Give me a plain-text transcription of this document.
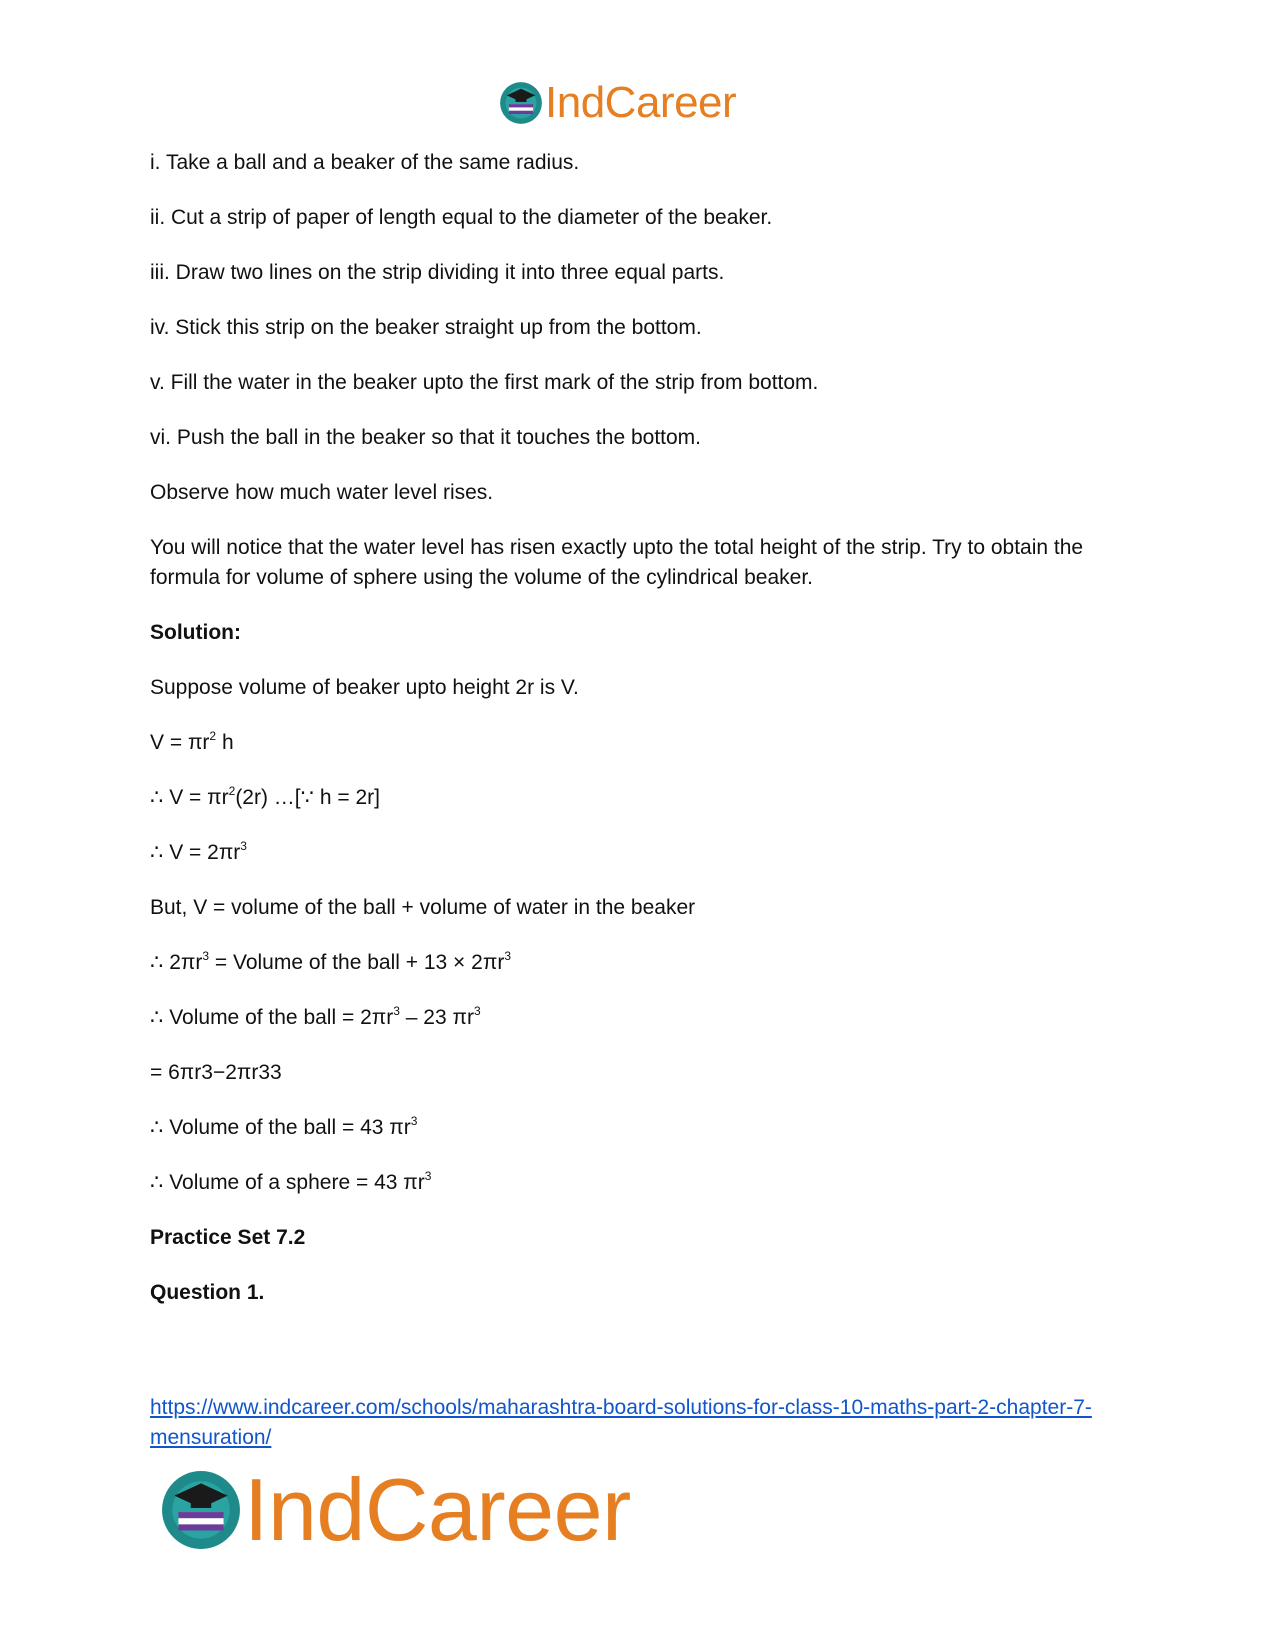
IndCareer

i. Take a ball and a beaker of the same radius.

ii. Cut a strip of paper of length equal to the diameter of the beaker.

iii. Draw two lines on the strip dividing it into three equal parts.

iv. Stick this strip on the beaker straight up from the bottom.

v. Fill the water in the beaker upto the first mark of the strip from bottom.

vi. Push the ball in the beaker so that it touches the bottom.

Observe how much water level rises.

You will notice that the water level has risen exactly upto the total height of the strip. Try to obtain the formula for volume of sphere using the volume of the cylindrical beaker.

Solution:

Suppose volume of beaker upto height 2r is V.

$V = \pi r^2$ h

∴ $V = \pi r^2(2r)$ …[∵ h = 2r]

∴ $V = 2\pi r^3$

But, V = volume of the ball + volume of water in the beaker

∴ $2\pi r^3$ = Volume of the ball + $13 \times 2\pi r^3$

∴ Volume of the ball = $2\pi r^3 - 23$ $\pi r^3$

= 6πr3−2πr33

∴ Volume of the ball = 43 $\pi r^3$

∴ Volume of a sphere = 43 $\pi r^3$

Practice Set 7.2

Question 1.

https://www.indcareer.com/schools/maharashtra-board-solutions-for-class-10-maths-part-2-chapter-7-mensuration/
IndCareer
